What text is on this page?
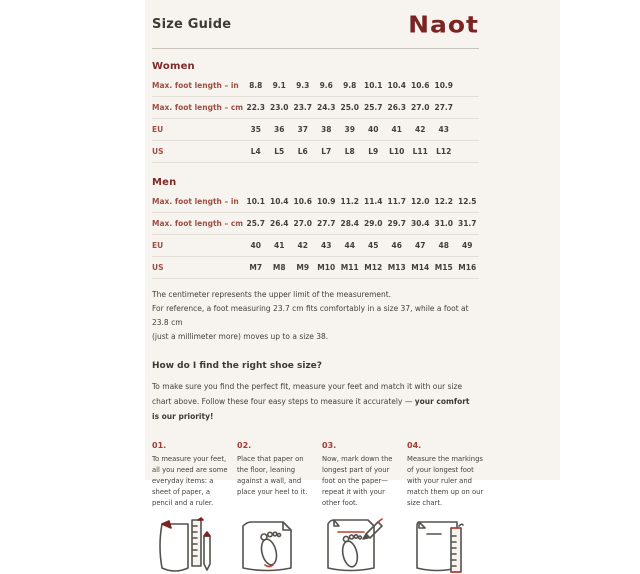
Size Guide	Naot
Women
Max. foot length – in	8.8	9.1	9.3	9.6	9.8	10.1 10.4 10.6 10.9
Max. foot length – cm 22.3 23.0 23.7 24.3 25.0 25.7 26.3 27.0 27.7
EU	35	36	37	38	39	40	41	42	43
US	L4	L5	L6	L7	L8	L9	L10	L11	L12
Men
Max. foot length – in	10.1 10.4 10.6 10.9 11.2 11.4 11.7 12.0 12.2 12.5
Max. foot length – cm 25.7 26.4 27.0 27.7 28.4 29.0 29.7 30.4 31.0 31.7
EU	40	41	42	43	44	45	46	47	48	49
US	M7	M8	M9	M10 M11 M12 M13 M14 M15 M16
The centimeter represents the upper limit of the measurement.
For reference, a foot measuring 23.7 cm fits comfortably in a size 37, while a foot at 23.8 cm
(just a millimeter more) moves up to a size 38.
How do I find the right shoe size?
To make sure you find the perfect fit, measure your feet and match it with our size chart above. Follow these four easy steps to measure it accurately — your comfort is our priority!
01.
To measure your feet, all you need are some everyday items: a sheet of paper, a pencil and a ruler.
02.
Place that paper on the floor, leaning against a wall, and place your heel to it.
03.
Now, mark down the longest part of your foot on the paper—repeat it with your other foot.
04.
Measure the markings of your longest foot with your ruler and match them up on our size chart.
